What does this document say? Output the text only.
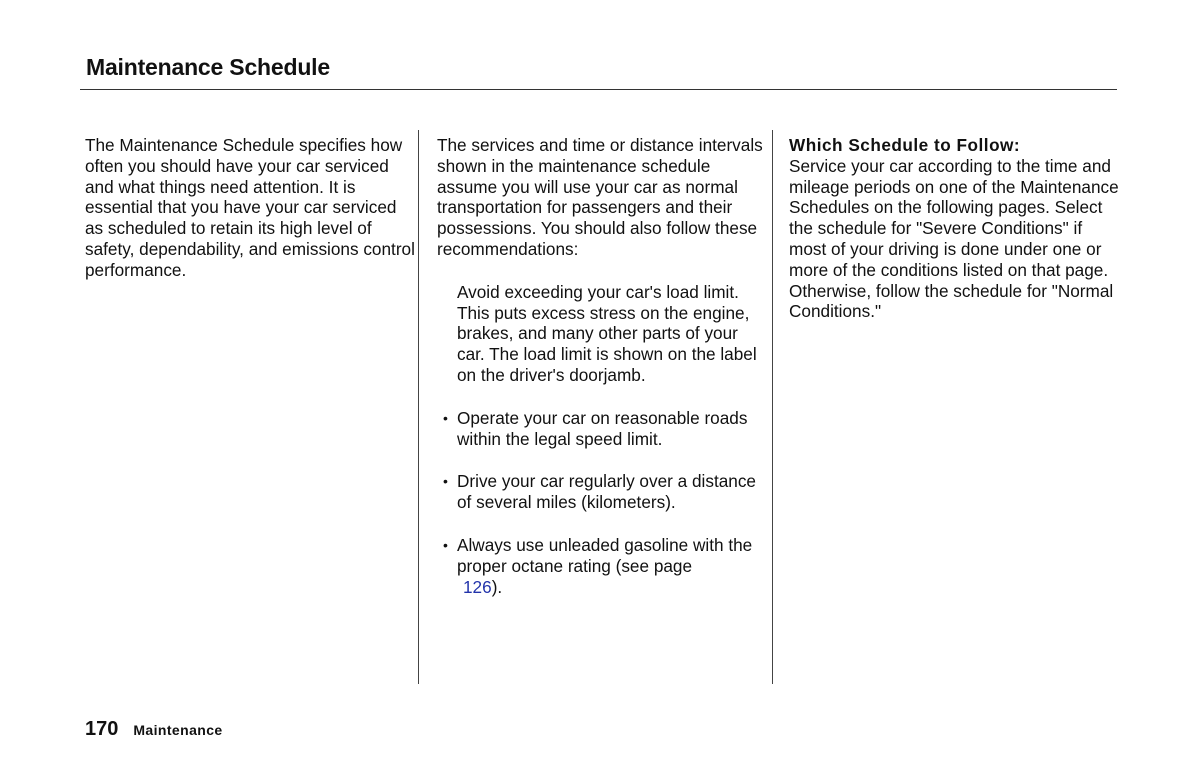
Maintenance Schedule

The Maintenance Schedule specifies how often you should have your car serviced and what things need attention. It is essential that you have your car serviced as scheduled to retain its high level of safety, dependability, and emissions control performance.

The services and time or distance intervals shown in the maintenance schedule assume you will use your car as normal transportation for passengers and their possessions. You should also follow these recommendations:

Avoid exceeding your car's load limit. This puts excess stress on the engine, brakes, and many other parts of your car. The load limit is shown on the label on the driver's doorjamb.
• Operate your car on reasonable roads within the legal speed limit.
• Drive your car regularly over a distance of several miles (kilometers).
• Always use unleaded gasoline with the proper octane rating (see page
126).

Which Schedule to Follow:

Service your car according to the time and mileage periods on one of the Maintenance Schedules on the following pages. Select the schedule for "Severe Conditions" if most of your driving is done under one or more of the conditions listed on that page. Otherwise, follow the schedule for "Normal Conditions."

170 Maintenance
